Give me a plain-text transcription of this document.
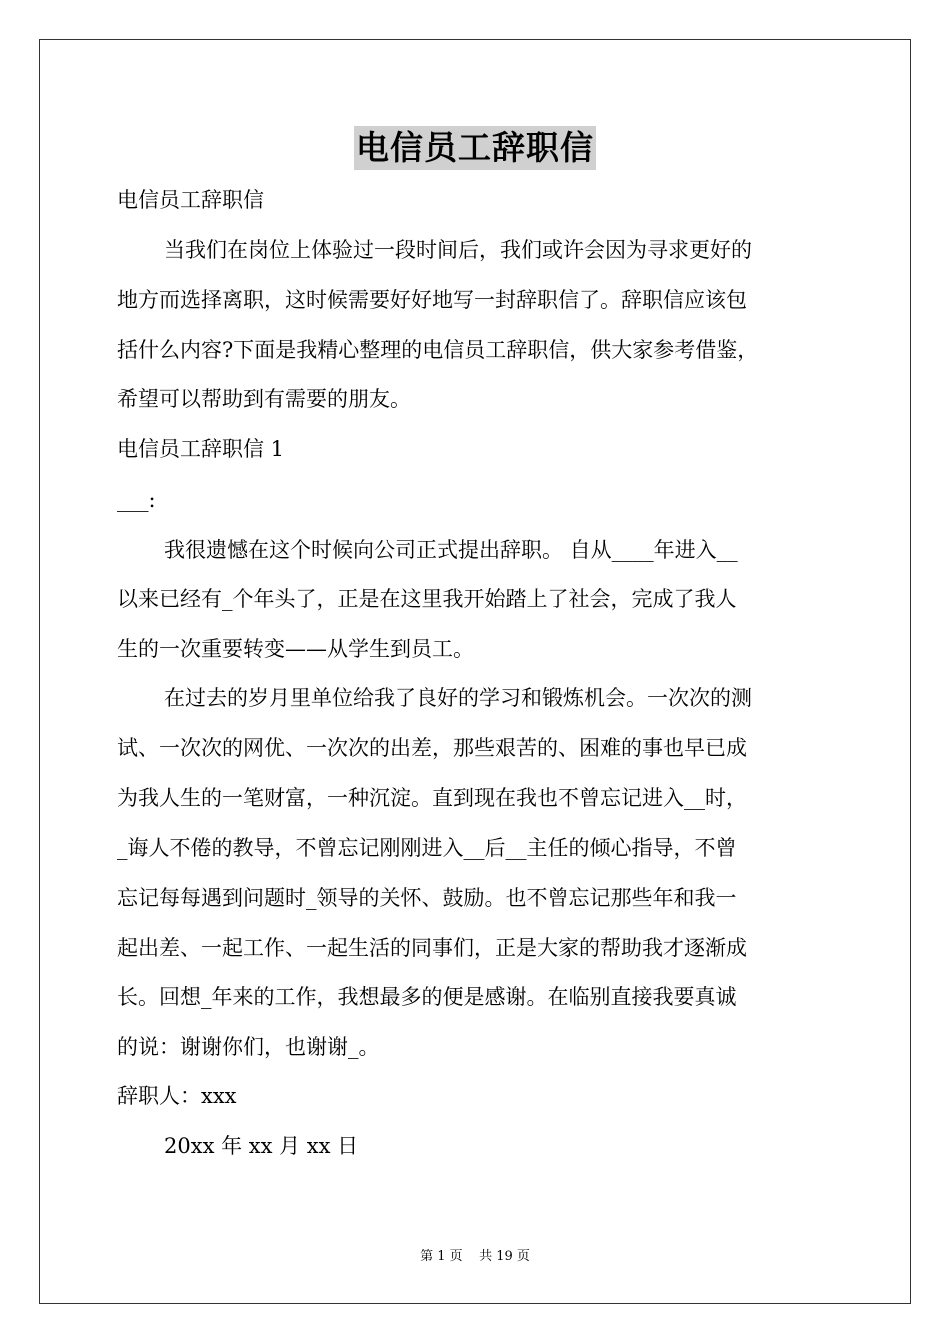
电信员工辞职信
电信员工辞职信
当我们在岗位上体验过一段时间后，我们或许会因为寻求更好的
地方而选择离职，这时候需要好好地写一封辞职信了。辞职信应该包
括什么内容?下面是我精心整理的电信员工辞职信，供大家参考借鉴，
希望可以帮助到有需要的朋友。
电信员工辞职信 1
___:
我很遗憾在这个时候向公司正式提出辞职。 自从____年进入__
以来已经有_个年头了，正是在这里我开始踏上了社会，完成了我人
生的一次重要转变——从学生到员工。
在过去的岁月里单位给我了良好的学习和锻炼机会。一次次的测
试、一次次的网优、一次次的出差，那些艰苦的、困难的事也早已成
为我人生的一笔财富，一种沉淀。直到现在我也不曾忘记进入__时，
_诲人不倦的教导，不曾忘记刚刚进入__后__主任的倾心指导，不曾
忘记每每遇到问题时_领导的关怀、鼓励。也不曾忘记那些年和我一
起出差、一起工作、一起生活的同事们，正是大家的帮助我才逐渐成
长。回想_年来的工作，我想最多的便是感谢。在临别直接我要真诚
的说：谢谢你们，也谢谢_。
辞职人：xxx
20xx 年 xx 月 xx 日
第 1 页    共 19 页
